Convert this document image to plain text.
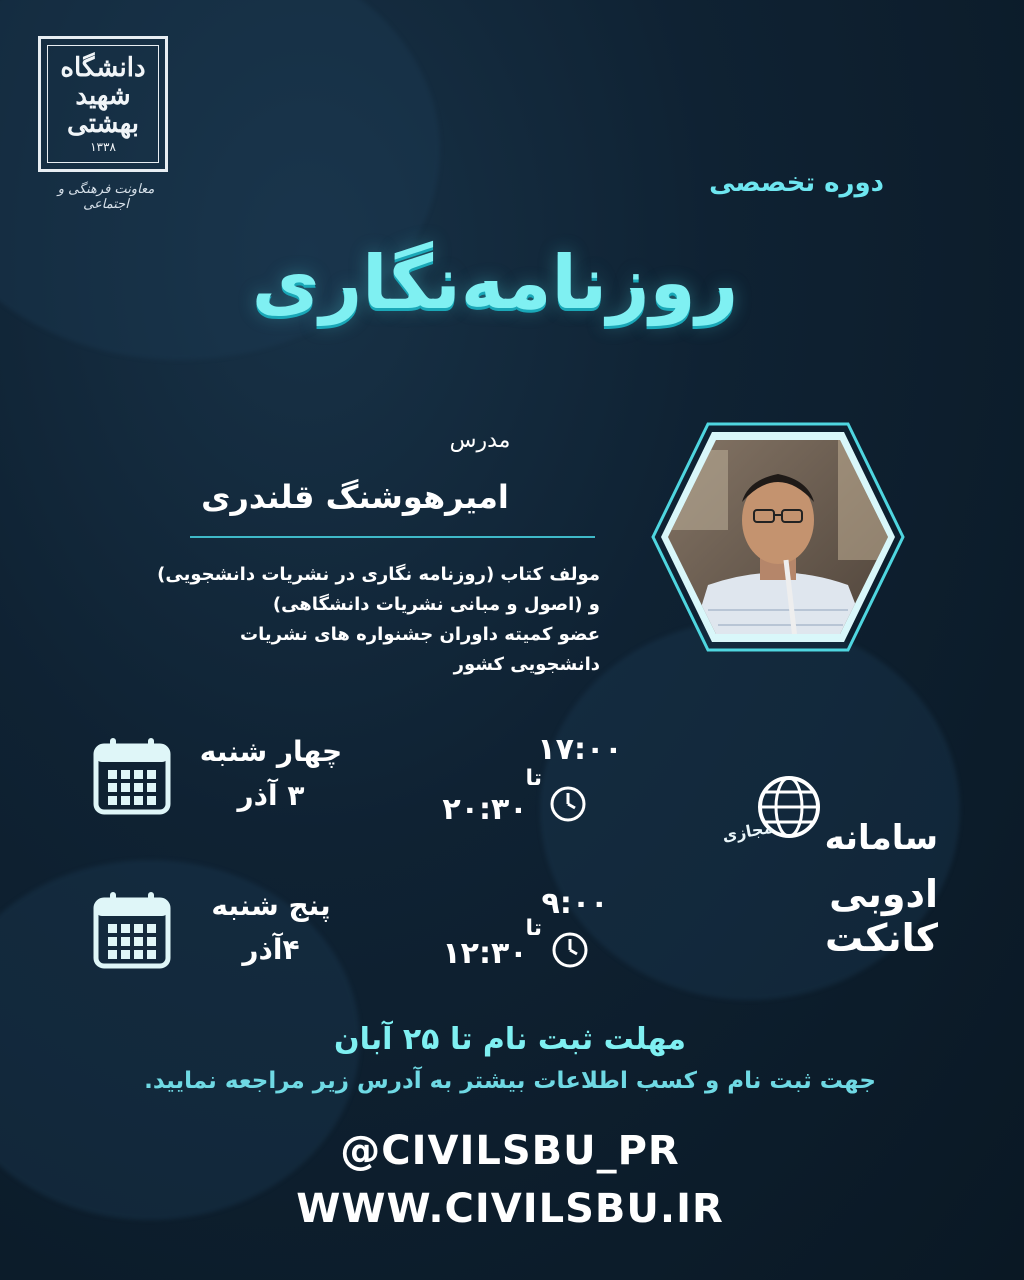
دانشگاه
شهید
بهشتی
۱۳۳۸
معاونت فرهنگی و اجتماعی
دوره تخصصی
روزنامه‌نگاری
مدرس
امیرهوشنگ قلندری
مولف کتاب (روزنامه نگاری در نشریات دانشجویی)
و (اصول و مبانی نشریات دانشگاهی)
عضو کمیته داوران جشنواره های نشریات دانشجویی کشور
چهار شنبه
۳ آذر
۱۷:۰۰
تا
۲۰:۳۰
پنج شنبه
۴آذر
۹:۰۰
تا
۱۲:۳۰
مجازی	سامانه
ادوبی کانکت
مهلت ثبت نام تا ۲۵ آبان
جهت ثبت نام و کسب اطلاعات بیشتر به آدرس زیر مراجعه نمایید.
@CIVILSBU_PR
WWW.CIVILSBU.IR
